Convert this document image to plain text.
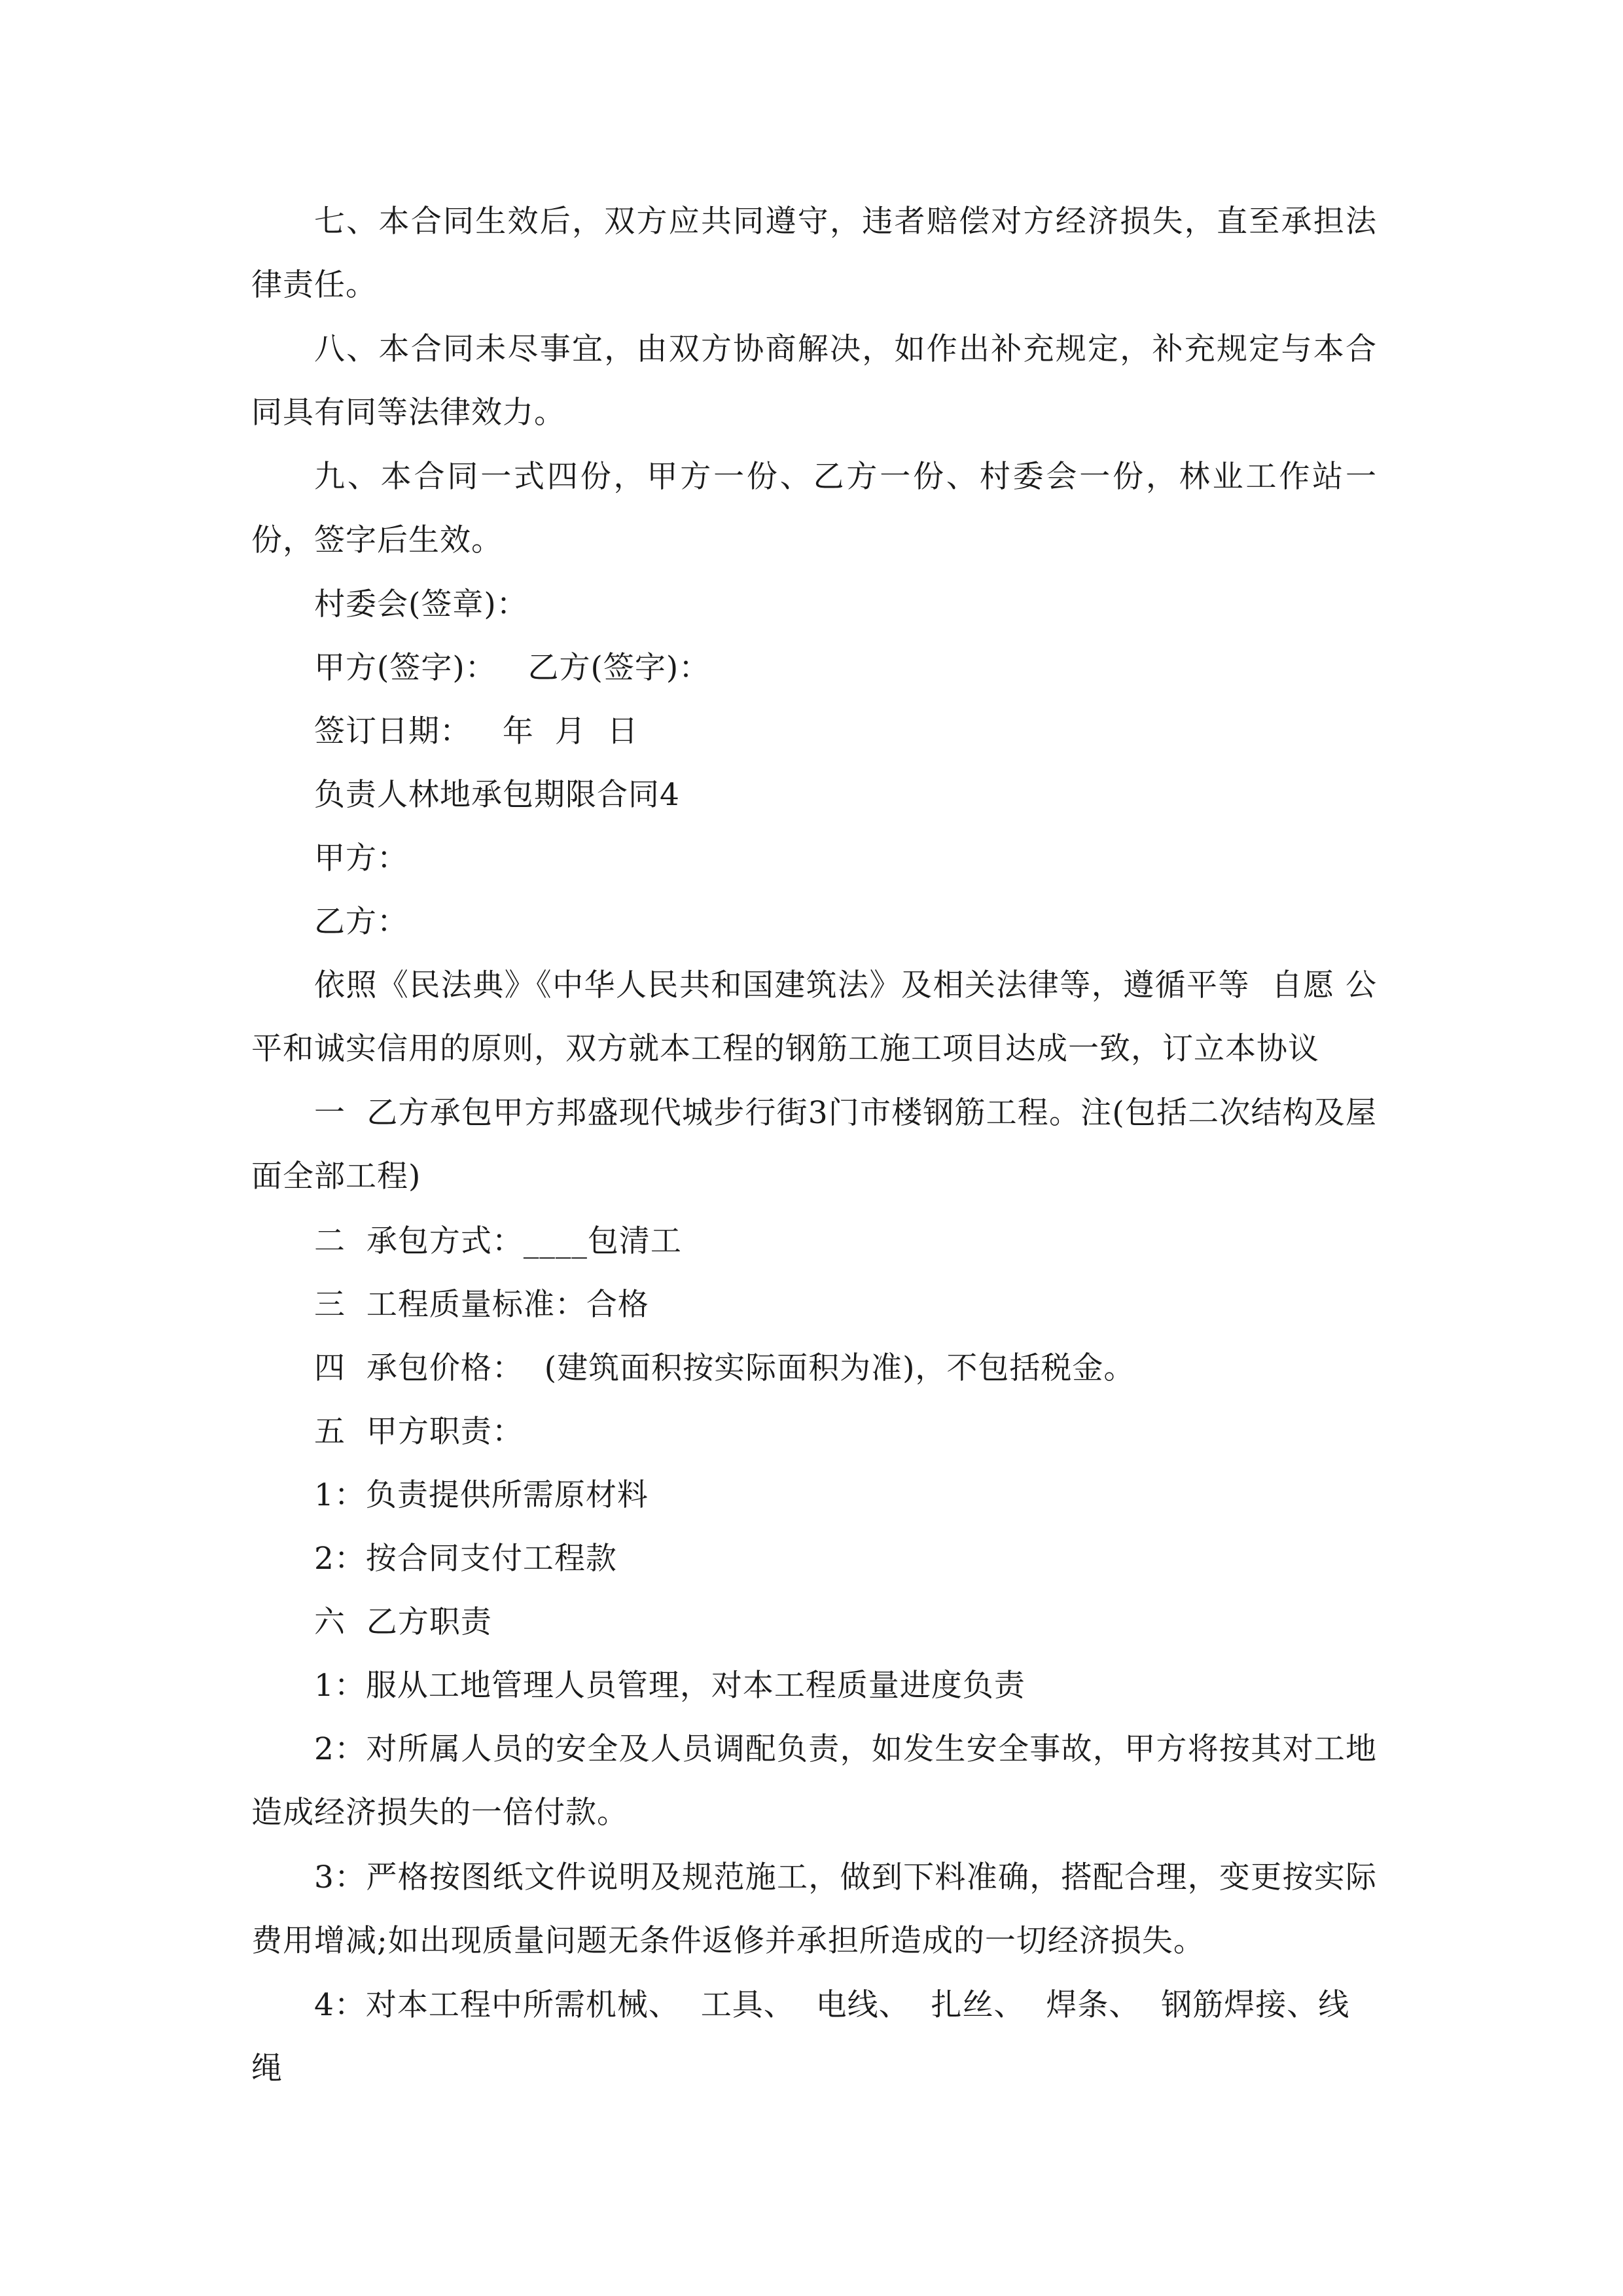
七、本合同生效后，双方应共同遵守，违者赔偿对方经济损失，直至承担法律责任。

八、本合同未尽事宜，由双方协商解决，如作出补充规定，补充规定与本合同具有同等法律效力。

九、本合同一式四份，甲方一份、乙方一份、村委会一份，林业工作站一份，签字后生效。

村委会(签章)：

甲方(签字)：   乙方(签字)：

签订日期：   年  月  日

负责人林地承包期限合同4

甲方：

乙方：

依照《民法典》《中华人民共和国建筑法》及相关法律等，遵循平等  自愿 公平和诚实信用的原则，双方就本工程的钢筋工施工项目达成一致，订立本协议

一  乙方承包甲方邦盛现代城步行街3门市楼钢筋工程。注(包括二次结构及屋面全部工程)

二  承包方式：____包清工

三  工程质量标准：合格

四  承包价格：  (建筑面积按实际面积为准)，不包括税金。

五  甲方职责：

1：负责提供所需原材料

2：按合同支付工程款

六  乙方职责

1：服从工地管理人员管理，对本工程质量进度负责

2：对所属人员的安全及人员调配负责，如发生安全事故，甲方将按其对工地造成经济损失的一倍付款。

3：严格按图纸文件说明及规范施工，做到下料准确，搭配合理，变更按实际费用增减;如出现质量问题无条件返修并承担所造成的一切经济损失。

4：对本工程中所需机械、  工具、  电线、  扎丝、  焊条、  钢筋焊接、线绳
